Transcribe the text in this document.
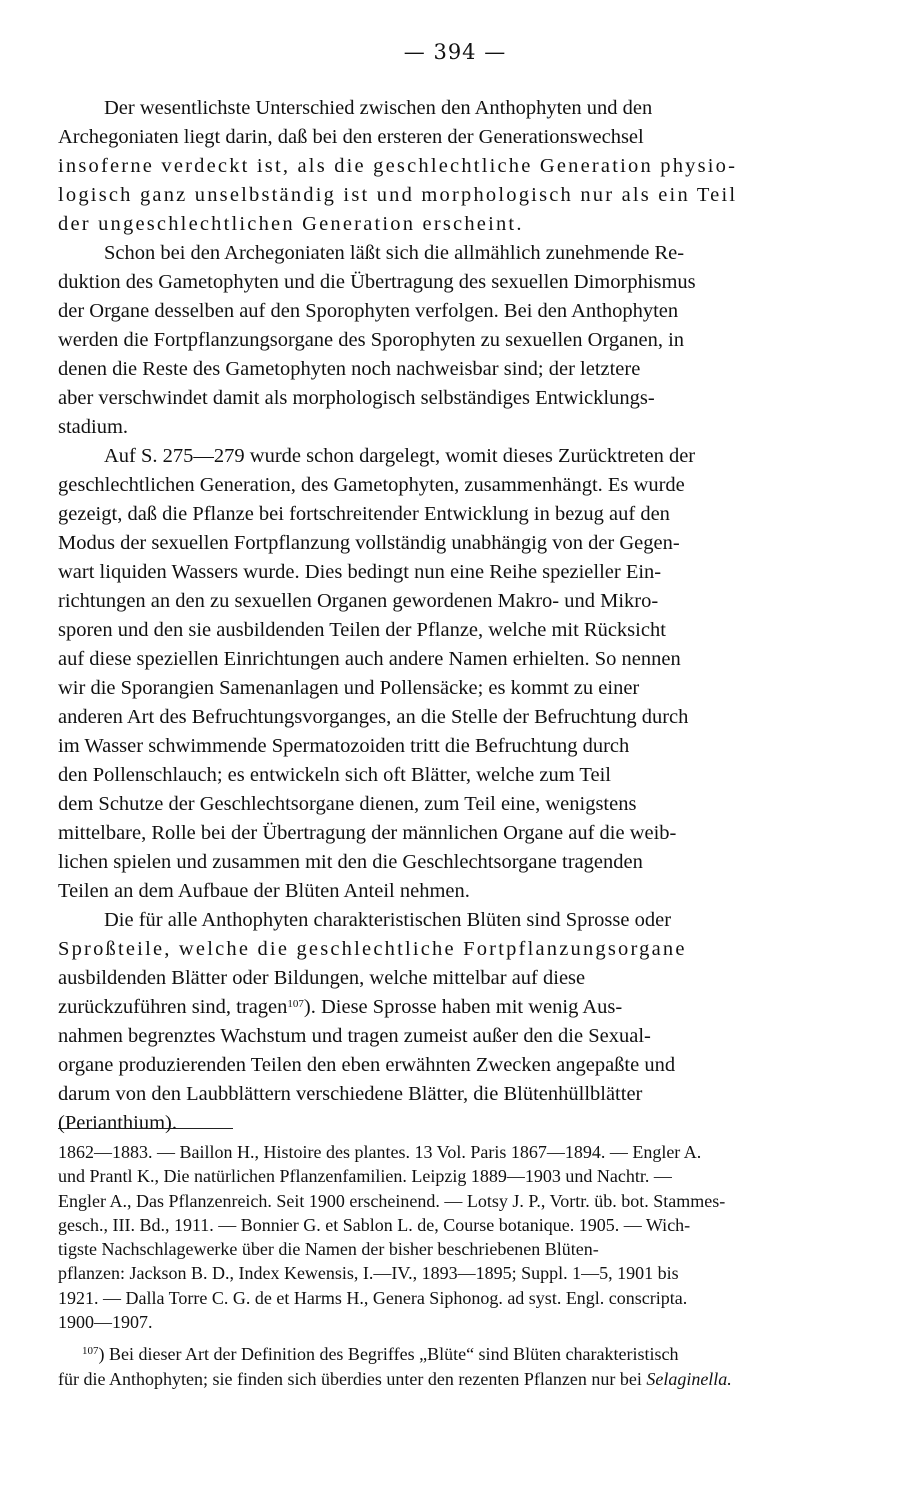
— 394 —

Der wesentlichste Unterschied zwischen den Anthophyten und den
Archegoniaten liegt darin, daß bei den ersteren der Generationswechsel
insoferne verdeckt ist, als die geschlechtliche Generation physio-
logisch ganz unselbständig ist und morphologisch nur als ein Teil
der ungeschlechtlichen Generation erscheint.

Schon bei den Archegoniaten läßt sich die allmählich zunehmende Re-
duktion des Gametophyten und die Übertragung des sexuellen Dimorphismus
der Organe desselben auf den Sporophyten verfolgen. Bei den Anthophyten
werden die Fortpflanzungsorgane des Sporophyten zu sexuellen Organen, in
denen die Reste des Gametophyten noch nachweisbar sind; der letztere
aber verschwindet damit als morphologisch selbständiges Entwicklungs-
stadium.

Auf S. 275—279 wurde schon dargelegt, womit dieses Zurücktreten der
geschlechtlichen Generation, des Gametophyten, zusammenhängt. Es wurde
gezeigt, daß die Pflanze bei fortschreitender Entwicklung in bezug auf den
Modus der sexuellen Fortpflanzung vollständig unabhängig von der Gegen-
wart liquiden Wassers wurde. Dies bedingt nun eine Reihe spezieller Ein-
richtungen an den zu sexuellen Organen gewordenen Makro- und Mikro-
sporen und den sie ausbildenden Teilen der Pflanze, welche mit Rücksicht
auf diese speziellen Einrichtungen auch andere Namen erhielten. So nennen
wir die Sporangien Samenanlagen und Pollensäcke; es kommt zu einer
anderen Art des Befruchtungsvorganges, an die Stelle der Befruchtung durch
im Wasser schwimmende Spermatozoiden tritt die Befruchtung durch
den Pollenschlauch; es entwickeln sich oft Blätter, welche zum Teil
dem Schutze der Geschlechtsorgane dienen, zum Teil eine, wenigstens
mittelbare, Rolle bei der Übertragung der männlichen Organe auf die weib-
lichen spielen und zusammen mit den die Geschlechtsorgane tragenden
Teilen an dem Aufbaue der Blüten Anteil nehmen.

Die für alle Anthophyten charakteristischen Blüten sind Sprosse oder
Sproßteile, welche die geschlechtliche Fortpflanzungsorgane
ausbildenden Blätter oder Bildungen, welche mittelbar auf diese
zurückzuführen sind, tragen$^{107}$). Diese Sprosse haben mit wenig Aus-
nahmen begrenztes Wachstum und tragen zumeist außer den die Sexual-
organe produzierenden Teilen den eben erwähnten Zwecken angepaßte und
darum von den Laubblättern verschiedene Blätter, die Blütenhüllblätter
(Perianthium).

1862—1883. — Baillon H., Histoire des plantes. 13 Vol. Paris 1867—1894. — Engler A.
und Prantl K., Die natürlichen Pflanzenfamilien. Leipzig 1889—1903 und Nachtr. —
Engler A., Das Pflanzenreich. Seit 1900 erscheinend. — Lotsy J. P., Vortr. üb. bot. Stammes-
gesch., III. Bd., 1911. — Bonnier G. et Sablon L. de, Course botanique. 1905. — Wich-
tigste Nachschlagewerke über die Namen der bisher beschriebenen Blüten-
pflanzen: Jackson B. D., Index Kewensis, I.—IV., 1893—1895; Suppl. 1—5, 1901 bis
1921. — Dalla Torre C. G. de et Harms H., Genera Siphonog. ad syst. Engl. conscripta.
1900—1907.

$^{107}$) Bei dieser Art der Definition des Begriffes „Blüte“ sind Blüten charakteristisch
für die Anthophyten; sie finden sich überdies unter den rezenten Pflanzen nur bei Selaginella.
